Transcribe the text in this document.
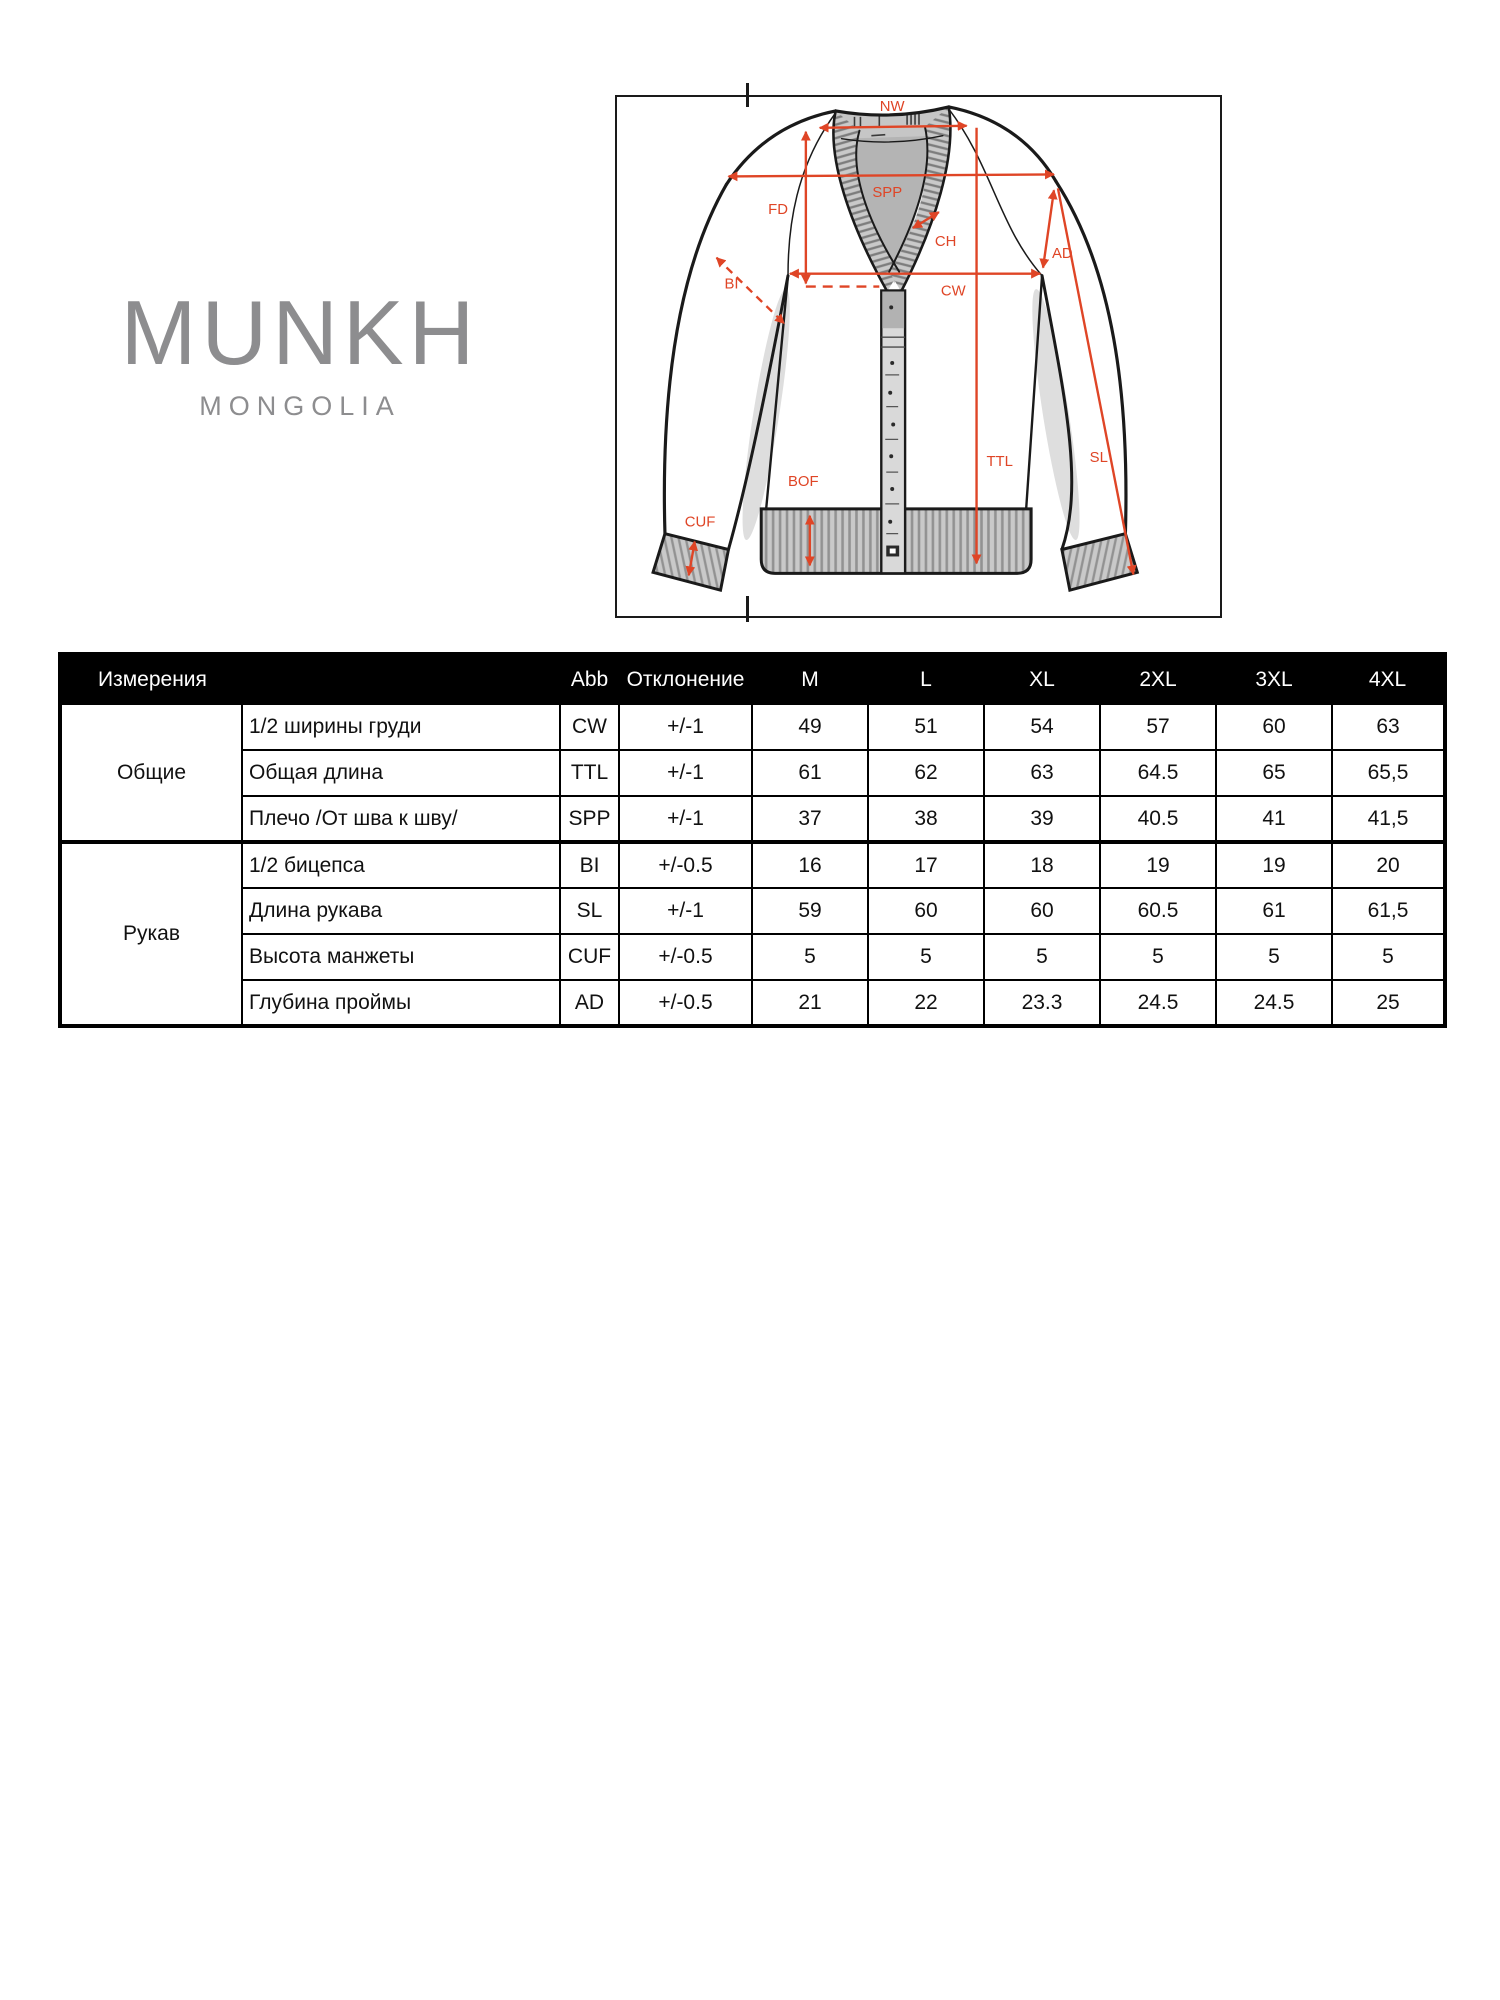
MUNKH
MONGOLIA
NW
SPP
FD
CH
BI	CW
AD
SL
TTL
BOF
CUF
Измерения		Abb	Отклонение	M	L	XL	2XL	3XL	4XL
Общие	1/2 ширины груди	CW	+/-1	49	51	54	57	60	63
	Общая длина	TTL	+/-1	61	62	63	64.5	65	65,5
	Плечо /От шва к шву/	SPP	+/-1	37	38	39	40.5	41	41,5
Рукав	1/2 бицепса	BI	+/-0.5	16	17	18	19	19	20
	Длина рукава	SL	+/-1	59	60	60	60.5	61	61,5
	Высота манжеты	CUF	+/-0.5	5	5	5	5	5	5
	Глубина проймы	AD	+/-0.5	21	22	23.3	24.5	24.5	25
